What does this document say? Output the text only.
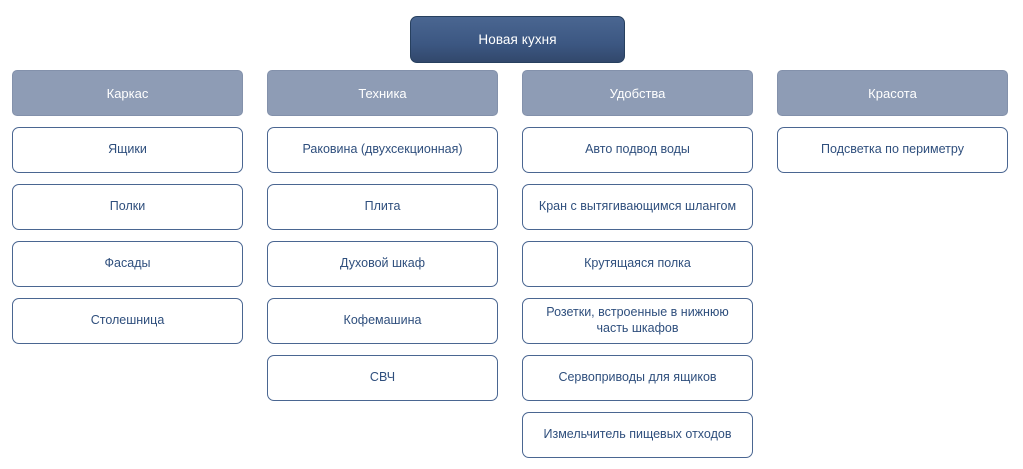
Новая кухня
Каркас
Ящики
Полки
Фасады
Столешница
Техника
Раковина (двухсекционная)
Плита
Духовой шкаф
Кофемашина
СВЧ
Удобства
Авто подвод воды
Кран с вытягивающимся шлангом
Крутящаяся полка
Розетки, встроенные в нижнюю часть шкафов
Сервоприводы для ящиков
Измельчитель пищевых отходов
Красота
Подсветка по периметру
